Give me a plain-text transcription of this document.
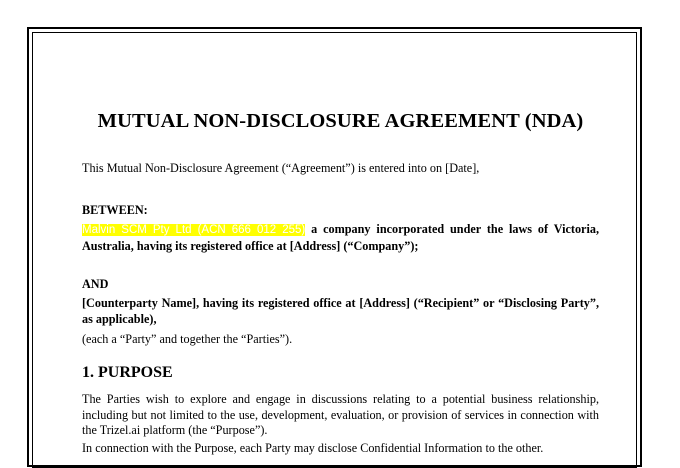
MUTUAL NON-DISCLOSURE AGREEMENT (NDA)
This Mutual Non-Disclosure Agreement (“Agreement”) is entered into on [Date],
BETWEEN:
Malvin SCM Pty Ltd (ACN 666 012 255) a company incorporated under the laws of Victoria, Australia, having its registered office at [Address] (“Company”);
AND
[Counterparty Name], having its registered office at [Address] (“Recipient” or “Disclosing Party”, as applicable),
(each a “Party” and together the “Parties”).
1. PURPOSE
The Parties wish to explore and engage in discussions relating to a potential business relationship, including but not limited to the use, development, evaluation, or provision of services in connection with the Trizel.ai platform (the “Purpose”).
In connection with the Purpose, each Party may disclose Confidential Information to the other.
